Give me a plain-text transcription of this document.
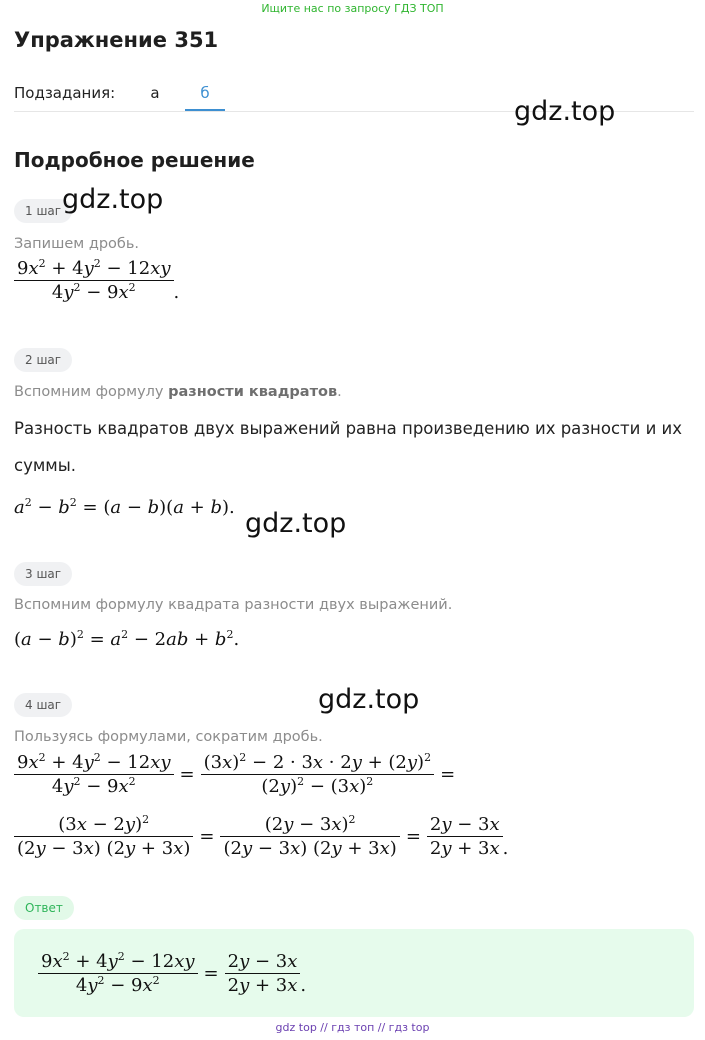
Ищите нас по запросу ГДЗ ТОП
Упражнение 351
Подзадания:	а	б
gdz.top
Подробное решение
1 шаг gdz.top
Запишем дробь.
$\frac{9x^2 + 4y^2 - 12xy}{4y^2 - 9x^2}$ .
2 шаг
Вспомним формулу разности квадратов.
Разность квадратов двух выражений равна произведению их разности и их
суммы.
$a^2 - b^2 = (a - b)(a + b)$.
gdz.top
3 шаг
Вспомним формулу квадрата разности двух выражений.
$(a - b)^2 = a^2 - 2ab + b^2$.
gdz.top
4 шаг
Пользуясь формулами, сократим дробь.
$\frac{9x^2 + 4y^2 - 12xy}{4y^2 - 9x^2} = \frac{(3x)^2 - 2 \cdot 3x \cdot 2y + (2y)^2}{(2y)^2 - (3x)^2}$ =
$\frac{(3x - 2y)^2}{(2y - 3x) (2y + 3x)} = \frac{(2y - 3x)^2}{(2y - 3x) (2y + 3x)} = \frac{2y - 3x}{2y + 3x}$ .
Ответ
$\frac{9x^2 + 4y^2 - 12xy}{4y^2 - 9x^2} = \frac{2y - 3x}{2y + 3x}$ .
gdz top // гдз топ // гдз top
